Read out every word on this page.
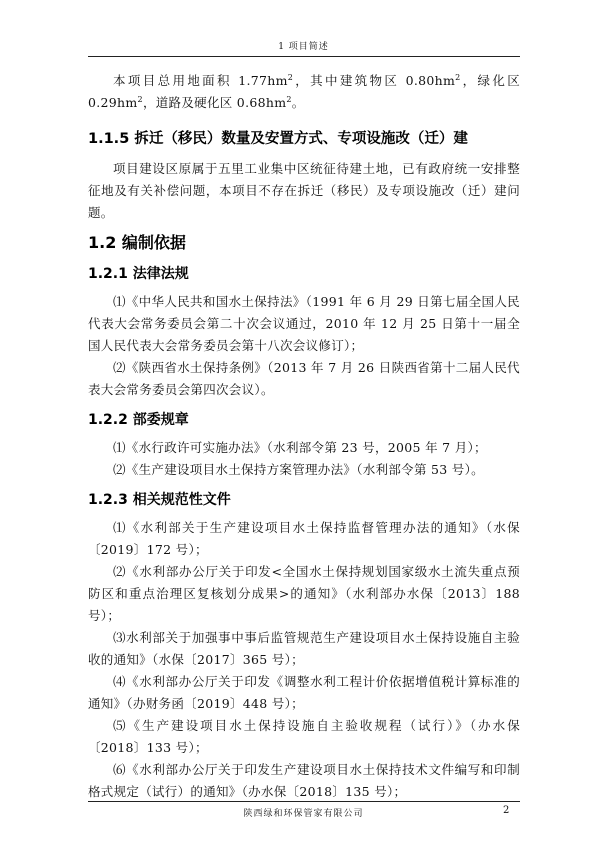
1 项目简述

本项目总用地面积 $1.77hm^2$，其中建筑物区 $0.80hm^2$，绿化区 $0.29hm^2$，道路及硬化区 $0.68hm^2$。

1.1.5 拆迁（移民）数量及安置方式、专项设施改（迁）建

项目建设区原属于五里工业集中区统征待建土地，已有政府统一安排整征地及有关补偿问题，本项目不存在拆迁（移民）及专项设施改（迁）建问题。

1.2 编制依据
1.2.1 法律法规

⑴《中华人民共和国水土保持法》（1991 年 6 月 29 日第七届全国人民代表大会常务委员会第二十次会议通过，2010 年 12 月 25 日第十一届全国人民代表大会常务委员会第十八次会议修订）；

⑵《陕西省水土保持条例》（2013 年 7 月 26 日陕西省第十二届人民代表大会常务委员会第四次会议）。

1.2.2 部委规章

⑴《水行政许可实施办法》（水利部令第 23 号，2005 年 7 月）；

⑵《生产建设项目水土保持方案管理办法》（水利部令第 53 号）。

1.2.3 相关规范性文件

⑴《水利部关于生产建设项目水土保持监督管理办法的通知》（水保〔2019〕172 号）；

⑵《水利部办公厅关于印发<全国水土保持规划国家级水土流失重点预防区和重点治理区复核划分成果>的通知》（水利部办水保〔2013〕188 号）；

⑶水利部关于加强事中事后监管规范生产建设项目水土保持设施自主验收的通知》（水保〔2017〕365 号）；

⑷《水利部办公厅关于印发《调整水利工程计价依据增值税计算标准的通知》（办财务函〔2019〕448 号）；

⑸《生产建设项目水土保持设施自主验收规程（试行）》（办水保〔2018〕133 号）；

⑹《水利部办公厅关于印发生产建设项目水土保持技术文件编写和印制格式规定（试行）的通知》（办水保〔2018〕135 号）；

陕西绿和环保管家有限公司	2
